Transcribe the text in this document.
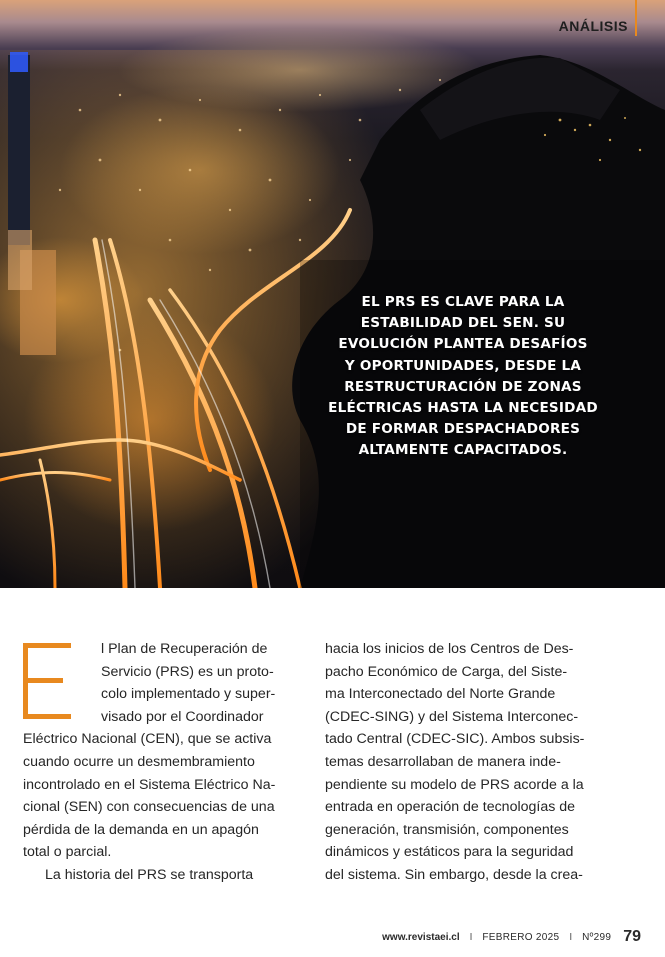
ANÁLISIS
EL PRS ES CLAVE PARA LA
ESTABILIDAD DEL SEN. SU
EVOLUCIÓN PLANTEA DESAFÍOS
Y OPORTUNIDADES, DESDE LA
RESTRUCTURACIÓN DE ZONAS
ELÉCTRICAS HASTA LA NECESIDAD
DE FORMAR DESPACHADORES
ALTAMENTE CAPACITADOS.
l Plan de Recuperación de
Servicio (PRS) es un proto-
colo implementado y super-
visado por el Coordinador
Eléctrico Nacional (CEN), que se activa
cuando ocurre un desmembramiento
incontrolado en el Sistema Eléctrico Na-
cional (SEN) con consecuencias de una
pérdida de la demanda en un apagón
total o parcial.
La historia del PRS se transporta
hacia los inicios de los Centros de Des-
pacho Económico de Carga, del Siste-
ma Interconectado del Norte Grande
(CDEC-SING) y del Sistema Interconec-
tado Central (CDEC-SIC). Ambos subsis-
temas desarrollaban de manera inde-
pendiente su modelo de PRS acorde a la
entrada en operación de tecnologías de
generación, transmisión, componentes
dinámicos y estáticos para la seguridad
del sistema. Sin embargo, desde la crea-
www.revistaei.cl I FEBRERO 2025 I Nº299 79
